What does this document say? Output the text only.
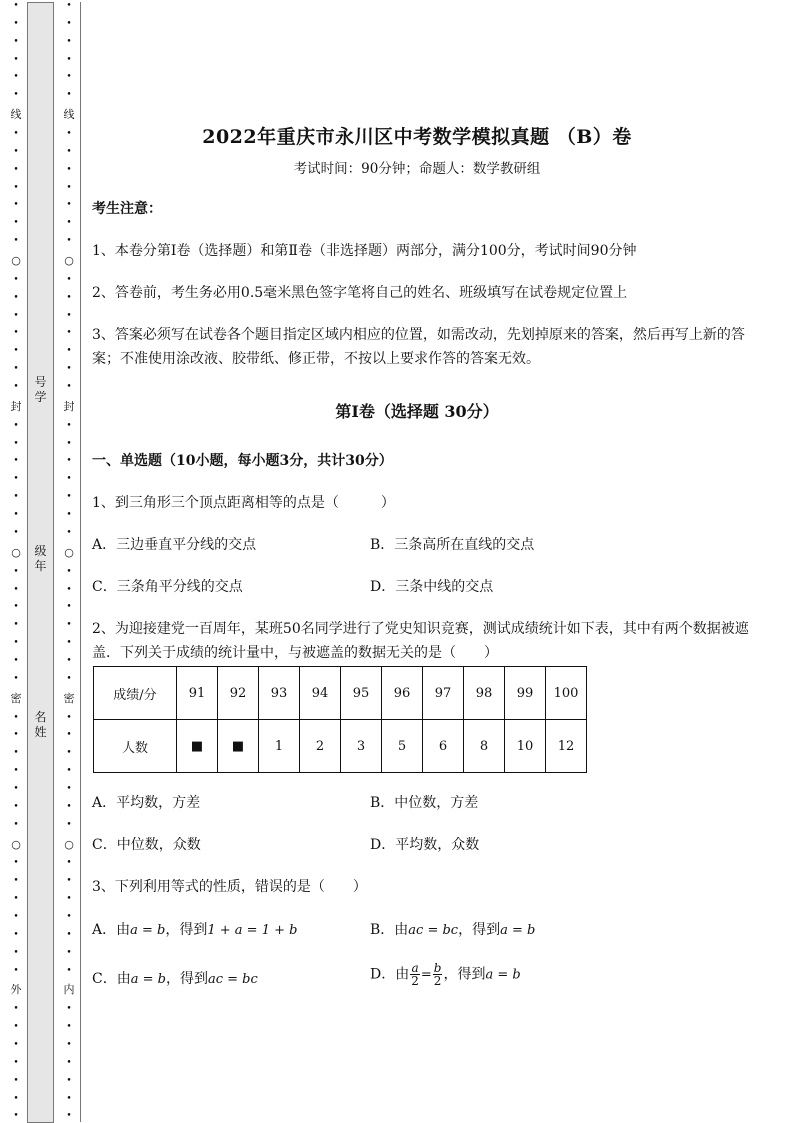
•
•
•
•
•
•
线
•
•
•
•
•
•
•
○
•
•
•
•
•
•
•
封
•
•
•
•
•
•
•
○
•
•
•
•
•
•
•
密
•
•
•
•
•
•
•
○
•
•
•
•
•
•
•
外
•
•
•
•
•
•
•
号
学
级
年
名
姓
•
•
•
•
•
•
线
•
•
•
•
•
•
•
○
•
•
•
•
•
•
•
封
•
•
•
•
•
•
•
○
•
•
•
•
•
•
•
密
•
•
•
•
•
•
•
○
•
•
•
•
•
•
•
内
•
•
•
•
•
•
•
2022年重庆市永川区中考数学模拟真题 （B）卷
考试时间：90分钟；命题人：数学教研组
考生注意：
1、本卷分第I卷（选择题）和第Ⅱ卷（非选择题）两部分，满分100分，考试时间90分钟
2、答卷前，考生务必用0.5毫米黑色签字笔将自己的姓名、班级填写在试卷规定位置上
3、答案必须写在试卷各个题目指定区域内相应的位置，如需改动，先划掉原来的答案，然后再写上新的答案；不准使用涂改液、胶带纸、修正带，不按以上要求作答的答案无效。
第I卷（选择题 30分）
一、单选题（10小题，每小题3分，共计30分）
1、到三角形三个顶点距离相等的点是（　　　）
A．三边垂直平分线的交点	B．三条高所在直线的交点
C．三条角平分线的交点	D．三条中线的交点
2、为迎接建党一百周年，某班50名同学进行了党史知识竞赛，测试成绩统计如下表，其中有两个数据被遮盖．下列关于成绩的统计量中，与被遮盖的数据无关的是（　　）
成绩/分	91	92	93	94	95	96	97	98	99	100
人数	■	■	1	2	3	5	6	8	10	12
A．平均数，方差	B．中位数，方差
C．中位数，众数	D．平均数，众数
3、下列利用等式的性质，错误的是（　　）
A．由a = b，得到1 + a = 1 + b	B．由ac = bc，得到a = b
C．由a = b，得到ac = bc	D．由 $\frac{a}{2} = \frac{b}{2}$ ，得到a = b
